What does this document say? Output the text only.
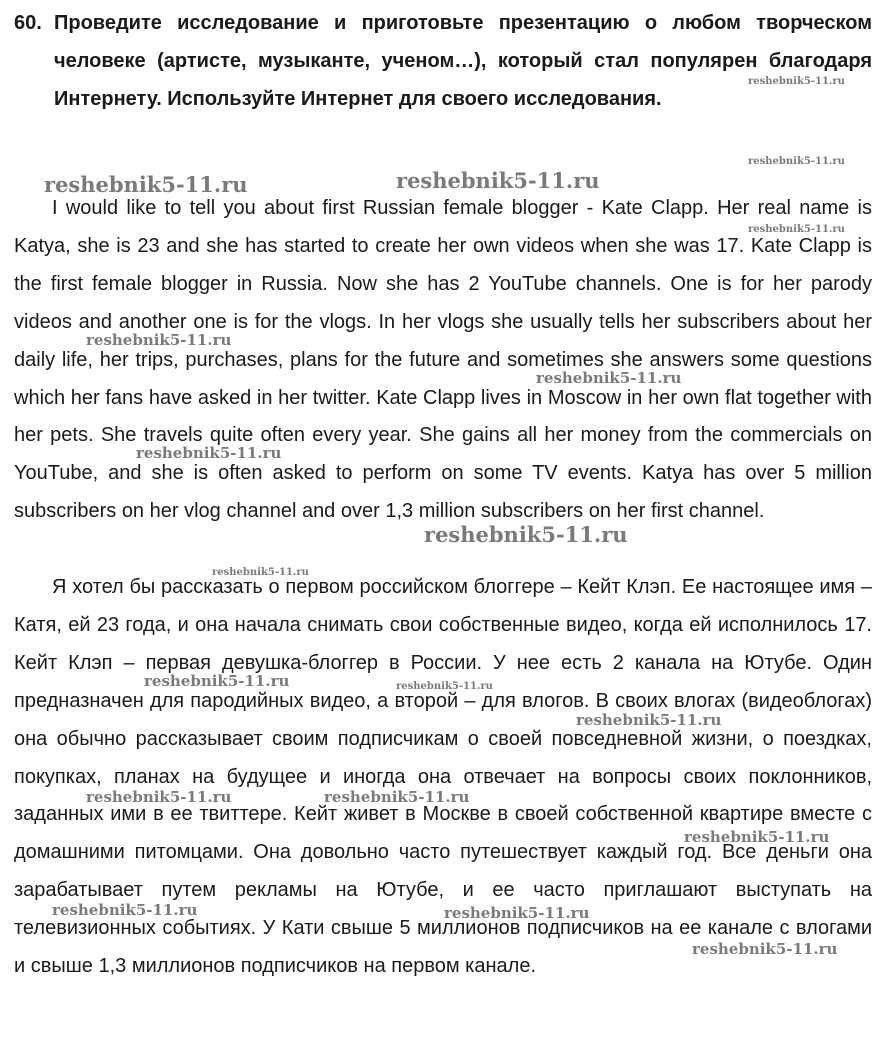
60. Проведите исследование и приготовьте презентацию о любом творческом человеке (артисте, музыканте, ученом…), который стал популярен благодаря Интернету. Используйте Интернет для своего исследования.

I would like to tell you about first Russian female blogger - Kate Clapp. Her real name is Katya, she is 23 and she has started to create her own videos when she was 17. Kate Clapp is the first female blogger in Russia. Now she has 2 YouTube channels. One is for her parody videos and another one is for the vlogs. In her vlogs she usually tells her subscribers about her daily life, her trips, purchases, plans for the future and sometimes she answers some questions which her fans have asked in her twitter. Kate Clapp lives in Moscow in her own flat together with her pets. She travels quite often every year. She gains all her money from the commercials on YouTube, and she is often asked to perform on some TV events. Katya has over 5 million subscribers on her vlog channel and over 1,3 million subscribers on her first channel.

Я хотел бы рассказать о первом российском блоггере – Кейт Клэп. Ее настоящее имя – Катя, ей 23 года, и она начала снимать свои собственные видео, когда ей исполнилось 17. Кейт Клэп – первая девушка-блоггер в России. У нее есть 2 канала на Ютубе. Один предназначен для пародийных видео, а второй – для влогов. В своих влогах (видеоблогах) она обычно рассказывает своим подписчикам о своей повседневной жизни, о поездках, покупках, планах на будущее и иногда она отвечает на вопросы своих поклонников, заданных ими в ее твиттере. Кейт живет в Москве в своей собственной квартире вместе с домашними питомцами. Она довольно часто путешествует каждый год. Все деньги она зарабатывает путем рекламы на Ютубе, и ее часто приглашают выступать на телевизионных событиях. У Кати свыше 5 миллионов подписчиков на ее канале с влогами и свыше 1,3 миллионов подписчиков на первом канале.

reshebnik5-11.ru
reshebnik5-11.ru
reshebnik5-11.ru	reshebnik5-11.ru
reshebnik5-11.ru
reshebnik5-11.ru
reshebnik5-11.ru
reshebnik5-11.ru
reshebnik5-11.ru
reshebnik5-11.ru
reshebnik5-11.ru	reshebnik5-11.ru
reshebnik5-11.ru
reshebnik5-11.ru	reshebnik5-11.ru
reshebnik5-11.ru
reshebnik5-11.ru	reshebnik5-11.ru
reshebnik5-11.ru
